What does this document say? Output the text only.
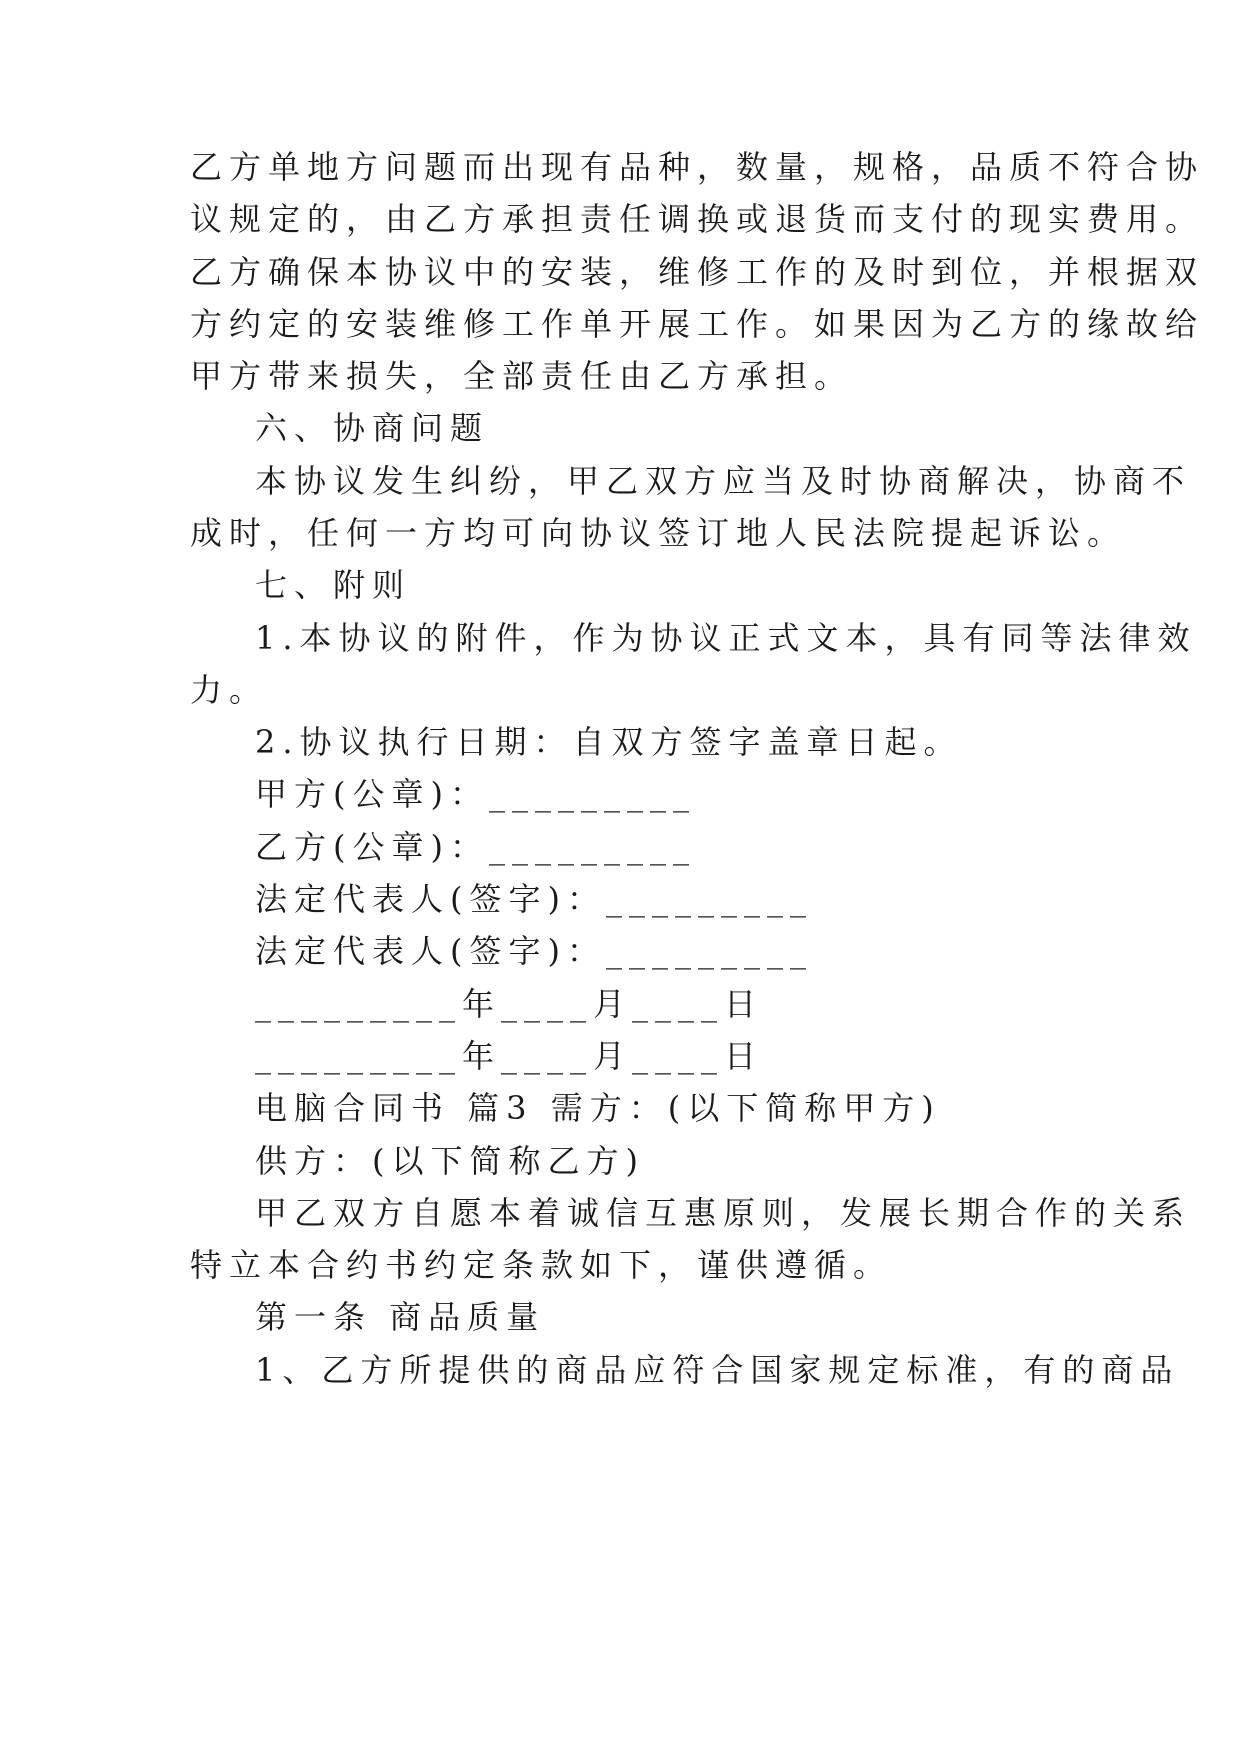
乙方单地方问题而出现有品种，数量，规格，品质不符合协
议规定的，由乙方承担责任调换或退货而支付的现实费用。
乙方确保本协议中的安装，维修工作的及时到位，并根据双
方约定的安装维修工作单开展工作。如果因为乙方的缘故给
甲方带来损失，全部责任由乙方承担。
六、协商问题
本协议发生纠纷，甲乙双方应当及时协商解决，协商不
成时，任何一方均可向协议签订地人民法院提起诉讼。
七、附则
1.本协议的附件，作为协议正式文本，具有同等法律效
力。
2.协议执行日期：自双方签字盖章日起。
甲方(公章)：_________
乙方(公章)：_________
法定代表人(签字)：_________
法定代表人(签字)：_________
_________年____月____日
_________年____月____日
电脑合同书 篇3 需方：(以下简称甲方)
供方：(以下简称乙方)
甲乙双方自愿本着诚信互惠原则，发展长期合作的关系
特立本合约书约定条款如下，谨供遵循。
第一条 商品质量
1、乙方所提供的商品应符合国家规定标准，有的商品
